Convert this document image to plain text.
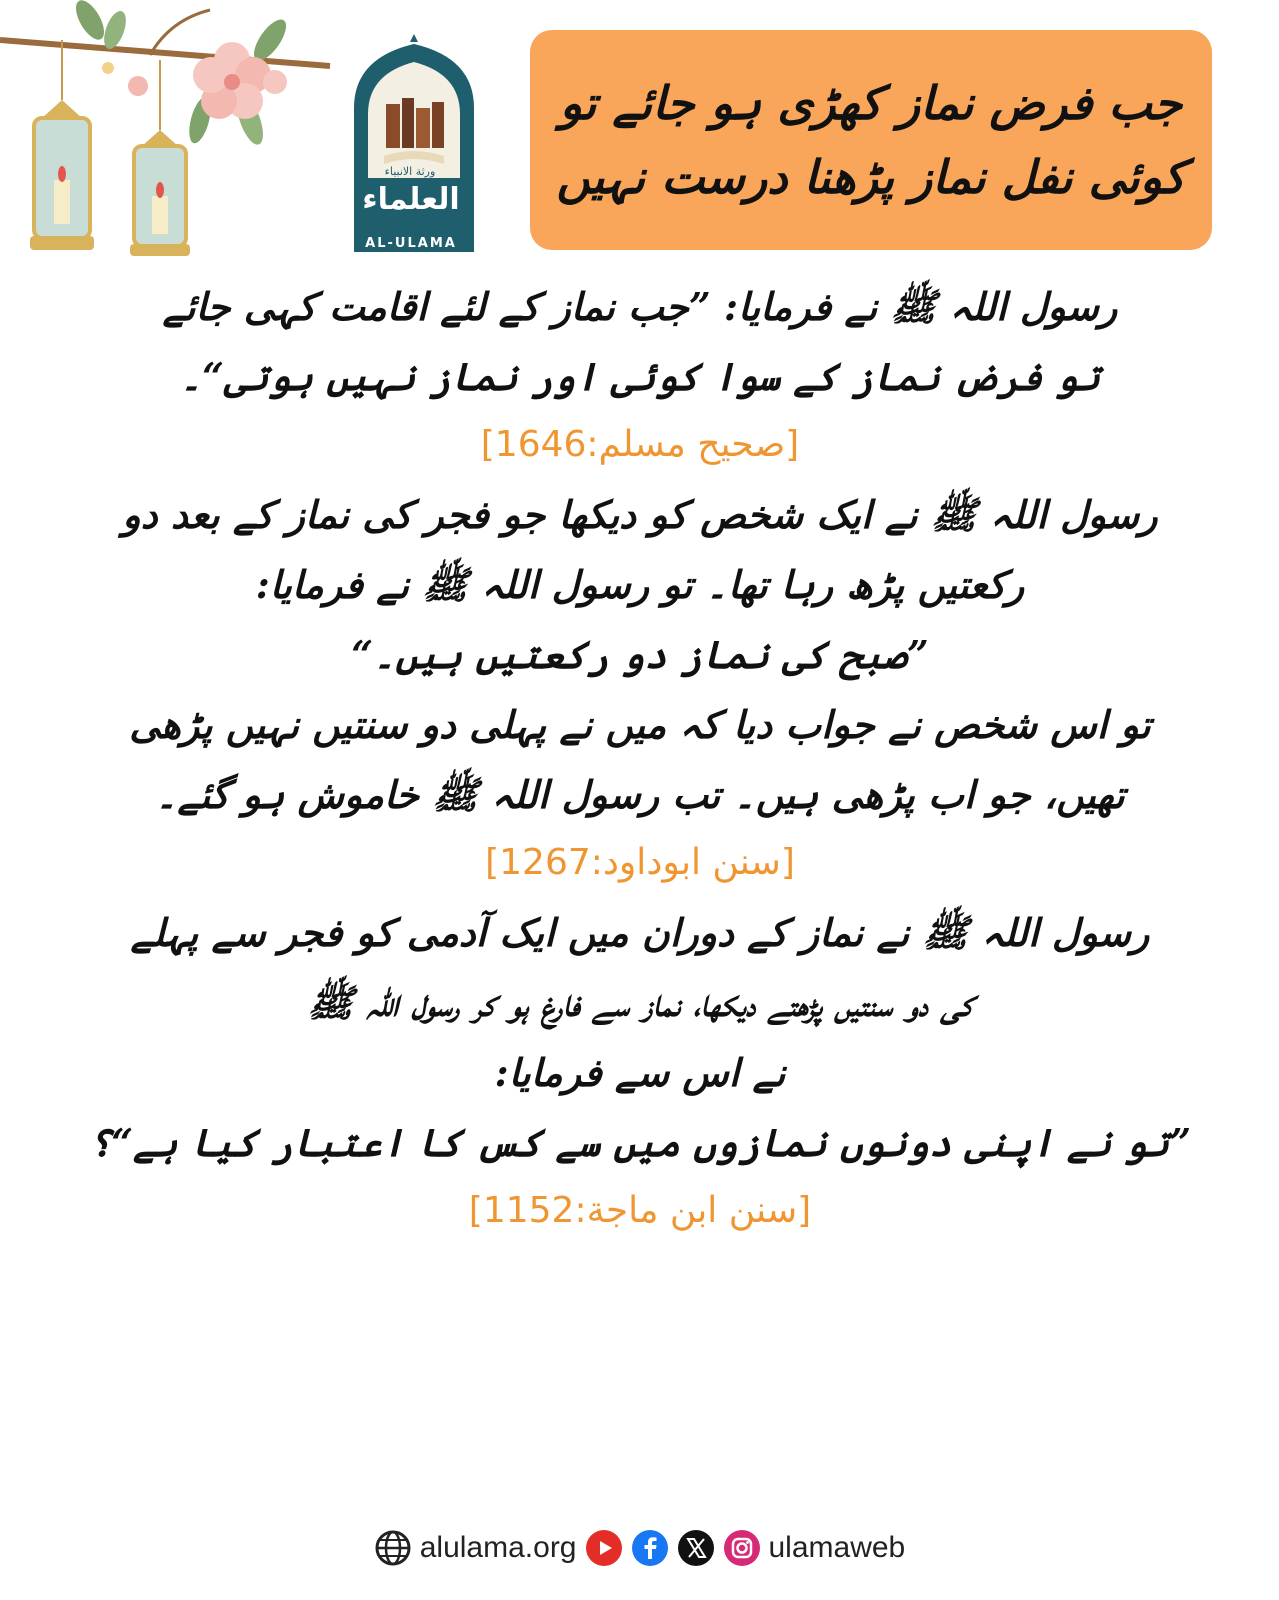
ورثة الانبياء
العلماء
AL-ULAMA
جب فرض نماز کھڑی ہو جائے تو
کوئی نفل نماز پڑھنا درست نہیں

رسول اللہ ﷺ نے فرمایا: ”جب نماز کے لئے اقامت کہی جائے

تو فرض نماز کے سوا کوئی اور نماز نہیں ہوتی“۔

[صحیح مسلم:1646]

رسول اللہ ﷺ نے ایک شخص کو دیکھا جو فجر کی نماز کے بعد دو

رکعتیں پڑھ رہا تھا۔ تو رسول اللہ ﷺ نے فرمایا:

”صبح کی نماز دو رکعتیں ہیں۔“

تو اس شخص نے جواب دیا کہ میں نے پہلی دو سنتیں نہیں پڑھی

تھیں، جو اب پڑھی ہیں۔ تب رسول اللہ ﷺ خاموش ہو گئے۔

[سنن ابوداود:1267]

رسول اللہ ﷺ نے نماز کے دوران میں ایک آدمی کو فجر سے پہلے

کی دو سنتیں پڑھتے دیکھا، نماز سے فارغ ہو کر رسول اللہ ﷺ

نے اس سے فرمایا:

”تو نے اپنی دونوں نمازوں میں سے کس کا اعتبار کیا ہے“؟

[سنن ابن ماجة:1152]
alulama.org	ulamaweb
